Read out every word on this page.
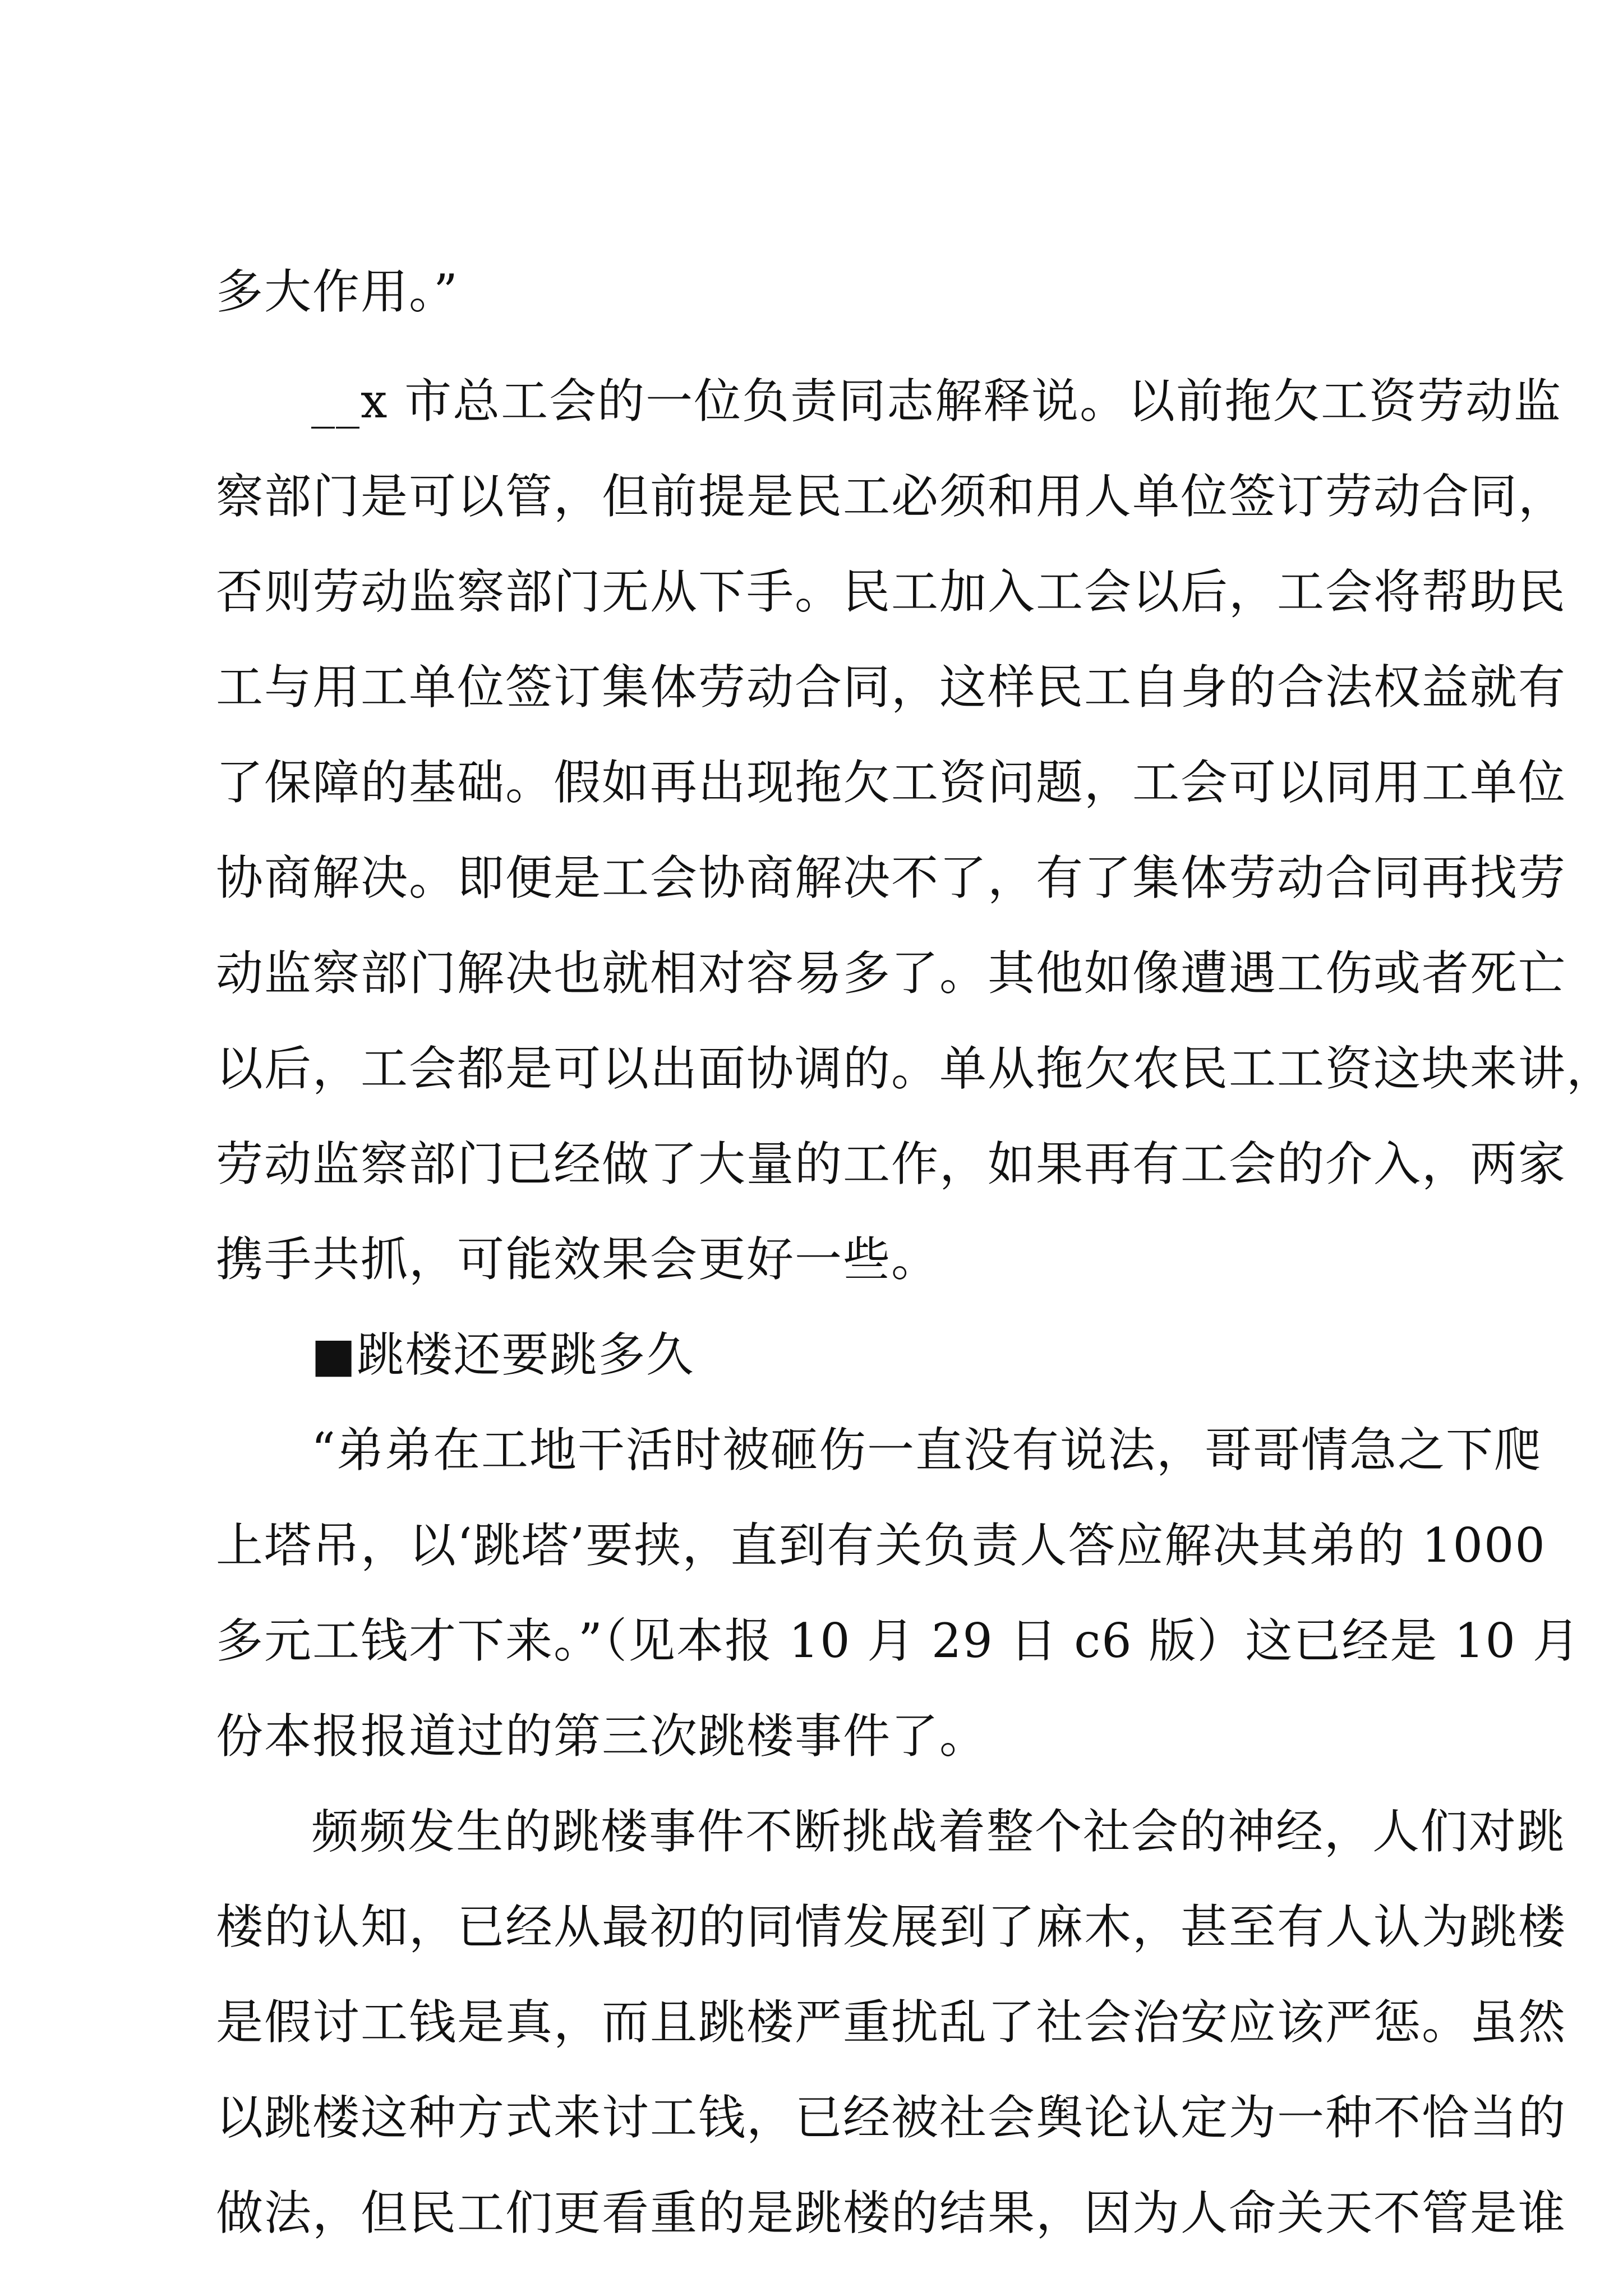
多大作用。”
__x 市总工会的一位负责同志解释说。以前拖欠工资劳动监
察部门是可以管，但前提是民工必须和用人单位签订劳动合同，
否则劳动监察部门无从下手。民工加入工会以后，工会将帮助民
工与用工单位签订集体劳动合同，这样民工自身的合法权益就有
了保障的基础。假如再出现拖欠工资问题，工会可以同用工单位
协商解决。即便是工会协商解决不了，有了集体劳动合同再找劳
动监察部门解决也就相对容易多了。其他如像遭遇工伤或者死亡
以后，工会都是可以出面协调的。单从拖欠农民工工资这块来讲，
劳动监察部门已经做了大量的工作，如果再有工会的介入，两家
携手共抓，可能效果会更好一些。
■跳楼还要跳多久
“弟弟在工地干活时被砸伤一直没有说法，哥哥情急之下爬
上塔吊，以‘跳塔’要挟，直到有关负责人答应解决其弟的 1000
多元工钱才下来。”（见本报 10 月 29 日 c6 版）这已经是 10 月
份本报报道过的第三次跳楼事件了。
频频发生的跳楼事件不断挑战着整个社会的神经，人们对跳
楼的认知，已经从最初的同情发展到了麻木，甚至有人认为跳楼
是假讨工钱是真，而且跳楼严重扰乱了社会治安应该严惩。虽然
以跳楼这种方式来讨工钱，已经被社会舆论认定为一种不恰当的
做法，但民工们更看重的是跳楼的结果，因为人命关天不管是谁
